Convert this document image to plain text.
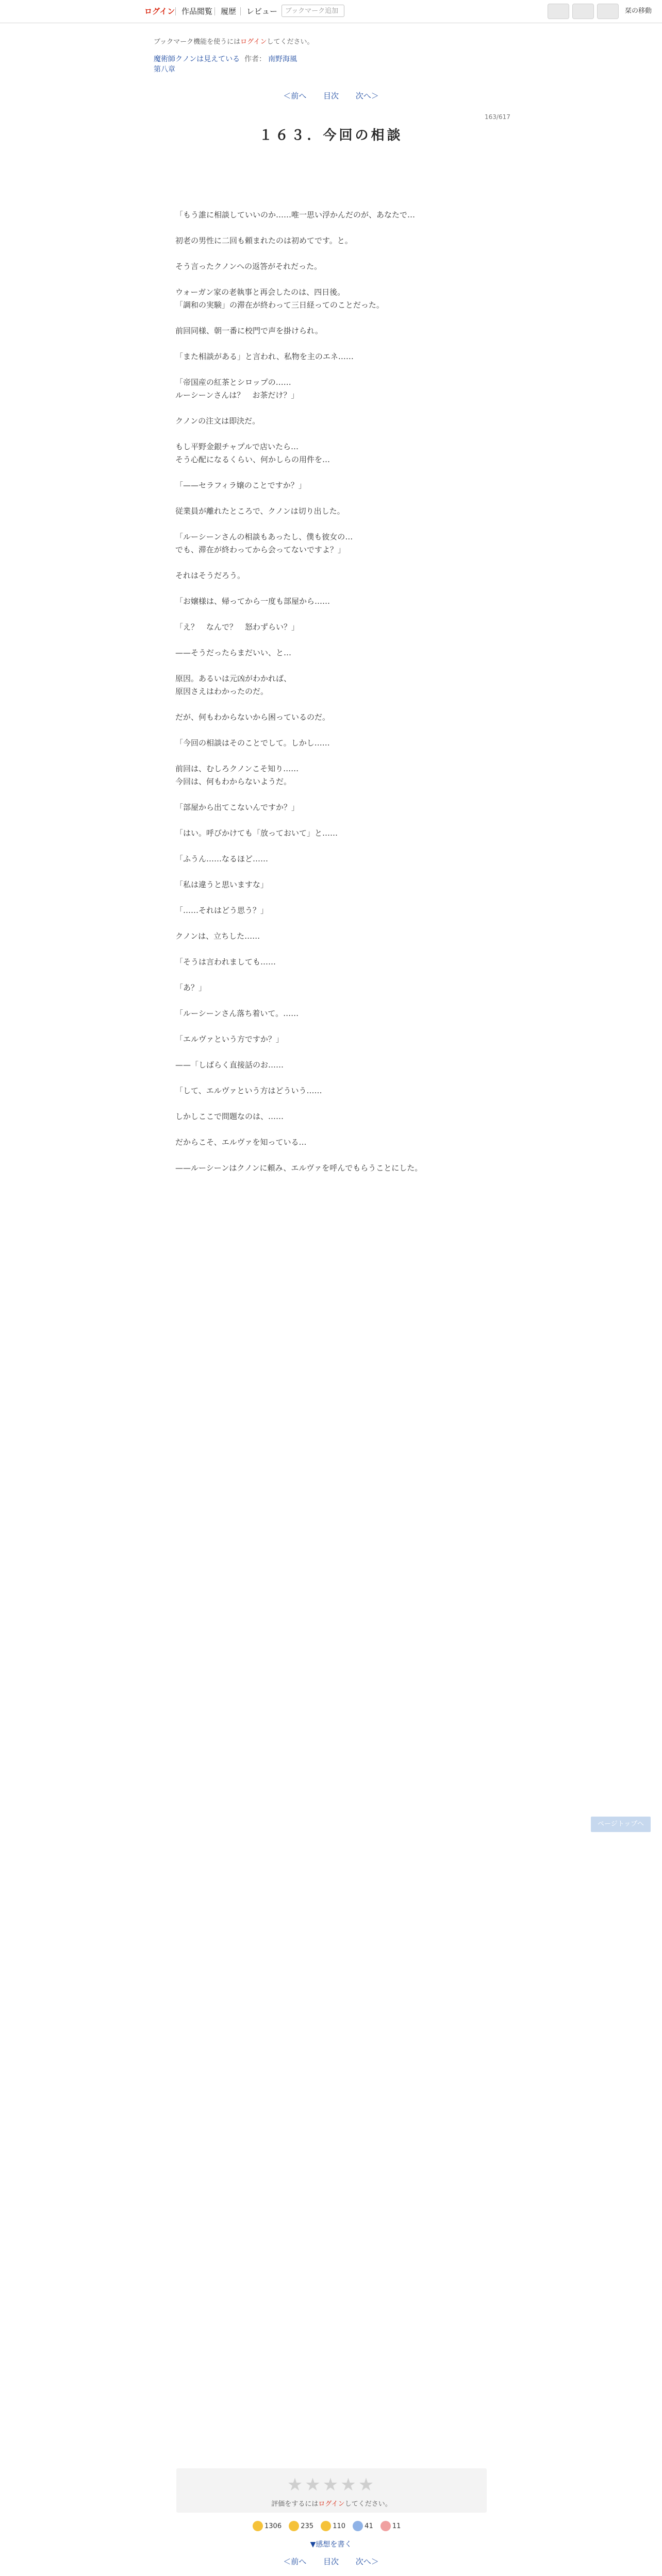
ログイン 作品閲覧 履歴 レビュー	ブックマーク追加	栞の移動
ブックマーク機能を使うにはログインしてください。
魔術師クノンは見えている 作者： 南野海風
第八章
＜前へ 目次 次へ＞
163/617
１６３．今回の相談

「もう誰に相談していいのか……唯一思い浮かんだのが、あなたで…

初老の男性に二回も頼まれたのは初めてです。と。

そう言ったクノンへの返答がそれだった。

ウォーガン家の老執事と再会したのは、四日後。

「調和の実験」の滞在が終わって三日経ってのことだった。

前回同様、朝一番に校門で声を掛けられ。

「また相談がある」と言われ、私物を主のエネ……

「帝国産の紅茶とシロップの……

ルーシーンさんは？　お茶だけ？」

クノンの注文は即決だ。

もし平野金銀チャプルで店いたら…

そう心配になるくらい、何かしらの用件を…

「——セラフィラ嬢のことですか？」

従業員が離れたところで、クノンは切り出した。

「ルーシーンさんの相談もあったし、僕も彼女の…

でも、滞在が終わってから会ってないですよ？」

それはそうだろう。

「お嬢様は、帰ってから一度も部屋から……

「え？　なんで？　怒わずらい？」

——そうだったらまだいい、と…

原因。あるいは元凶がわかれば、

原因さえはわかったのだ。

だが、何もわからないから困っているのだ。

「今回の相談はそのことでして。しかし……

前回は、むしろクノンこそ知り……

今回は、何もわからないようだ。

「部屋から出てこないんですか？」

「はい。呼びかけても「放っておいて」と……

「ふうん……なるほど……

「私は違うと思いますな」

「……それはどう思う？」

クノンは、立ちした……

「そうは言われましても……

「あ？」

「ルーシーンさん落ち着いて。……

「エルヴァという方ですか？」

——「しばらく直接話のお……

「して、エルヴァという方はどういう……

しかしここで問題なのは、……

だからこそ、エルヴァを知っている…

——ルーシーンはクノンに頼み、エルヴァを呼んでもらうことにした。

ページトップへ
★★★★★
評価をするにはログインしてください。
1306	235	110	41	11
▼感想を書く
＜前へ 目次 次へ＞
